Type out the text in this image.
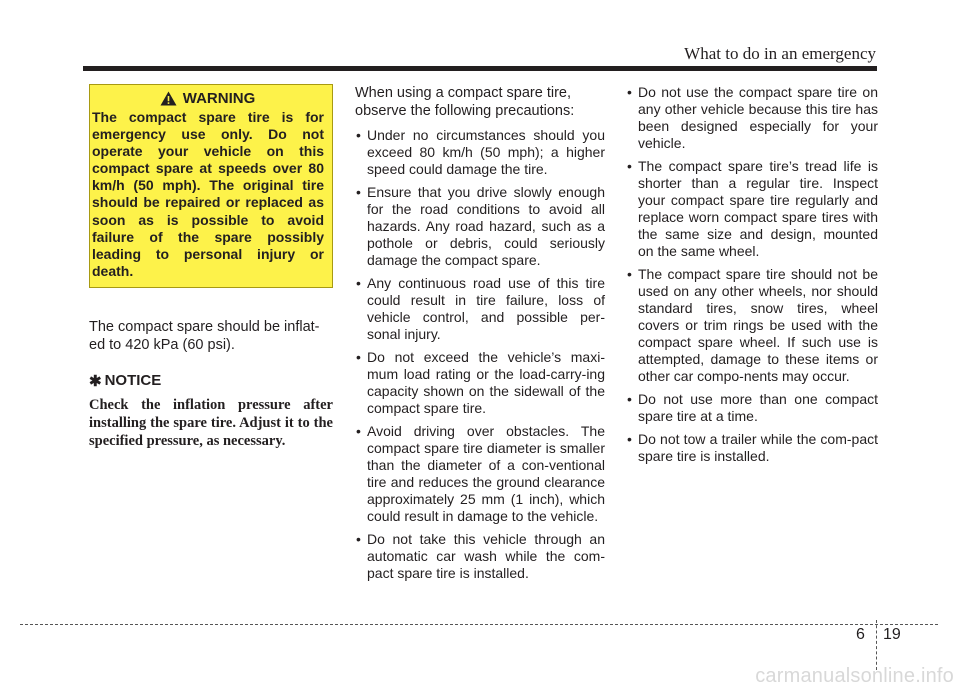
What to do in an emergency
WARNING
The compact spare tire is for emergency use only. Do not operate your vehicle on this compact spare at speeds over 80 km/h (50 mph). The original tire should be repaired or replaced as soon as is possible to avoid failure of the spare possibly leading to personal injury or death.
The compact spare should be inflat-ed to 420 kPa (60 psi).
✱ NOTICE
Check the inflation pressure after installing the spare tire. Adjust it to the specified pressure, as necessary.
When using a compact spare tire, observe the following precautions:
• Under no circumstances should you exceed 80 km/h (50 mph); a higher speed could damage the tire.
• Ensure that you drive slowly enough for the road conditions to avoid all hazards. Any road hazard, such as a pothole or debris, could seriously damage the compact spare.
• Any continuous road use of this tire could result in tire failure, loss of vehicle control, and possible per-sonal injury.
• Do not exceed the vehicle’s maxi-mum load rating or the load-carry-ing capacity shown on the sidewall of the compact spare tire.
• Avoid driving over obstacles. The compact spare tire diameter is smaller than the diameter of a con-ventional tire and reduces the ground clearance approximately 25 mm (1 inch), which could result in damage to the vehicle.
• Do not take this vehicle through an automatic car wash while the com-pact spare tire is installed.
• Do not use the compact spare tire on any other vehicle because this tire has been designed especially for your vehicle.
• The compact spare tire’s tread life is shorter than a regular tire. Inspect your compact spare tire regularly and replace worn compact spare tires with the same size and design, mounted on the same wheel.
• The compact spare tire should not be used on any other wheels, nor should standard tires, snow tires, wheel covers or trim rings be used with the compact spare wheel. If such use is attempted, damage to these items or other car compo-nents may occur.
• Do not use more than one compact spare tire at a time.
• Do not tow a trailer while the com-pact spare tire is installed.
6 19
carmanualsonline.info
